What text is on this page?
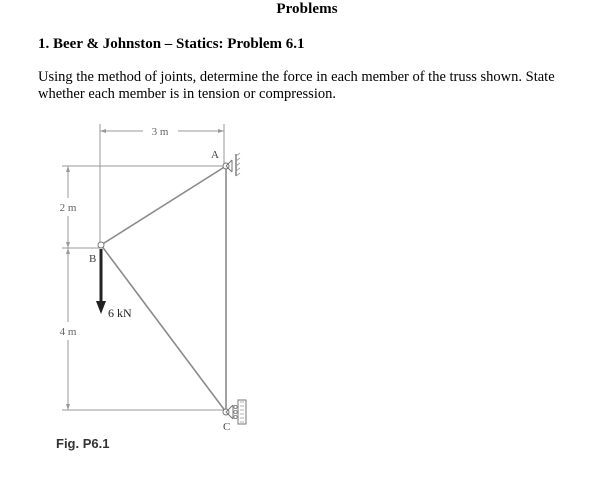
Problems
1. Beer & Johnston – Statics: Problem 6.1
Using the method of joints, determine the force in each member of the truss shown. State whether each member is in tension or compression.
3 m
2 m
4 m
A
B
C
6 kN
Fig. P6.1
